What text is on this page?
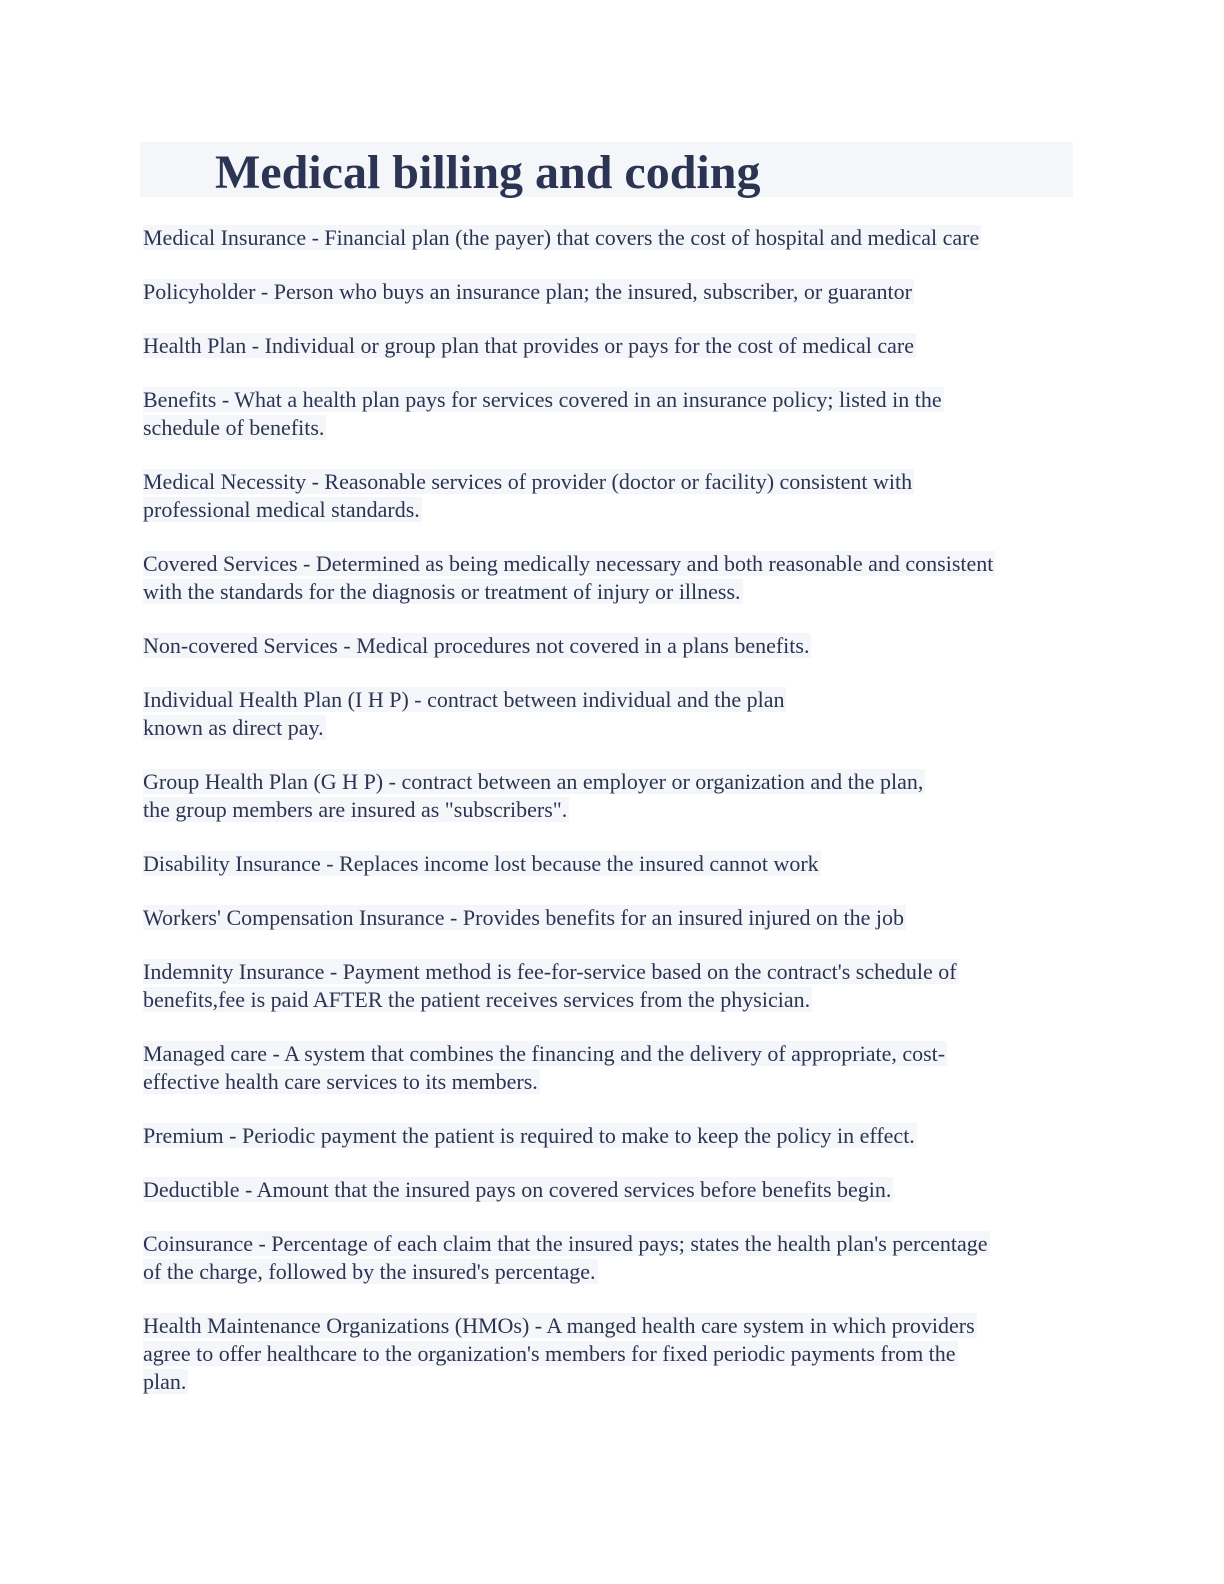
Medical billing and coding

Medical Insurance - Financial plan (the payer) that covers the cost of hospital and medical care

Policyholder - Person who buys an insurance plan; the insured, subscriber, or guarantor

Health Plan - Individual or group plan that provides or pays for the cost of medical care

Benefits - What a health plan pays for services covered in an insurance policy; listed in the
schedule of benefits.

Medical Necessity - Reasonable services of provider (doctor or facility) consistent with
professional medical standards.

Covered Services - Determined as being medically necessary and both reasonable and consistent
with the standards for the diagnosis or treatment of injury or illness.

Non-covered Services - Medical procedures not covered in a plans benefits.

Individual Health Plan (I H P) - contract between individual and the plan
known as direct pay.

Group Health Plan (G H P) - contract between an employer or organization and the plan,
the group members are insured as "subscribers".

Disability Insurance - Replaces income lost because the insured cannot work

Workers' Compensation Insurance - Provides benefits for an insured injured on the job

Indemnity Insurance - Payment method is fee-for-service based on the contract's schedule of
benefits,fee is paid AFTER the patient receives services from the physician.

Managed care - A system that combines the financing and the delivery of appropriate, cost-
effective health care services to its members.

Premium - Periodic payment the patient is required to make to keep the policy in effect.

Deductible - Amount that the insured pays on covered services before benefits begin.

Coinsurance - Percentage of each claim that the insured pays; states the health plan's percentage
of the charge, followed by the insured's percentage.

Health Maintenance Organizations (HMOs) - A manged health care system in which providers
agree to offer healthcare to the organization's members for fixed periodic payments from the
plan.
